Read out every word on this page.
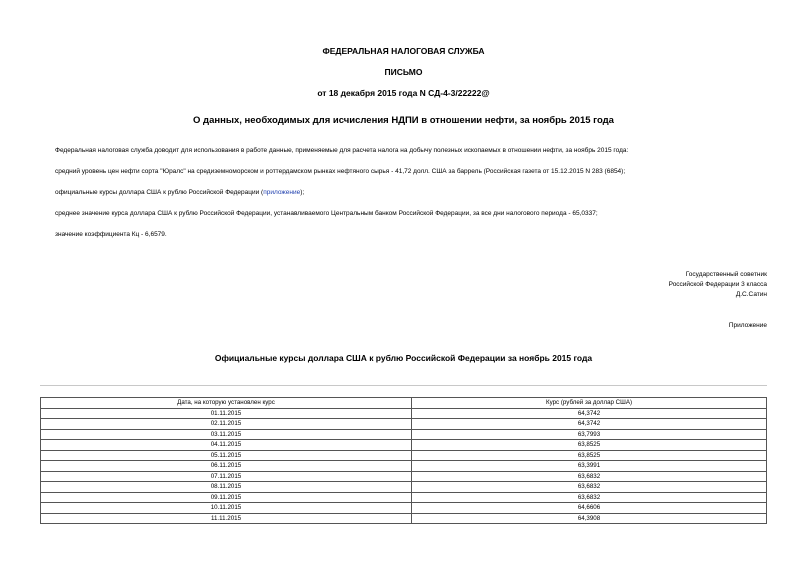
ФЕДЕРАЛЬНАЯ НАЛОГОВАЯ СЛУЖБА
ПИСЬМО
от 18 декабря 2015 года N СД-4-3/22222@
О данных, необходимых для исчисления НДПИ в отношении нефти, за ноябрь 2015 года
Федеральная налоговая служба доводит для использования в работе данные, применяемые для расчета налога на добычу полезных ископаемых в отношении нефти, за ноябрь 2015 года:
средний уровень цен нефти сорта "Юралс" на средиземноморском и роттердамском рынках нефтяного сырья - 41,72 долл. США за баррель (Российская газета от 15.12.2015 N 283 (6854);
официальные курсы доллара США к рублю Российской Федерации (приложение);
среднее значение курса доллара США к рублю Российской Федерации, устанавливаемого Центральным банком Российской Федерации, за все дни налогового периода - 65,0337;
значение коэффициента Кц - 6,6579.
Государственный советник
Российской Федерации 3 класса
Д.С.Сатин
Приложение
Официальные курсы доллара США к рублю Российской Федерации за ноябрь 2015 года
Дата, на которую установлен курс	Курс (рублей за доллар США)
01.11.2015	64,3742
02.11.2015	64,3742
03.11.2015	63,7993
04.11.2015	63,8525
05.11.2015	63,8525
06.11.2015	63,3991
07.11.2015	63,6832
08.11.2015	63,6832
09.11.2015	63,6832
10.11.2015	64,6606
11.11.2015	64,3908
